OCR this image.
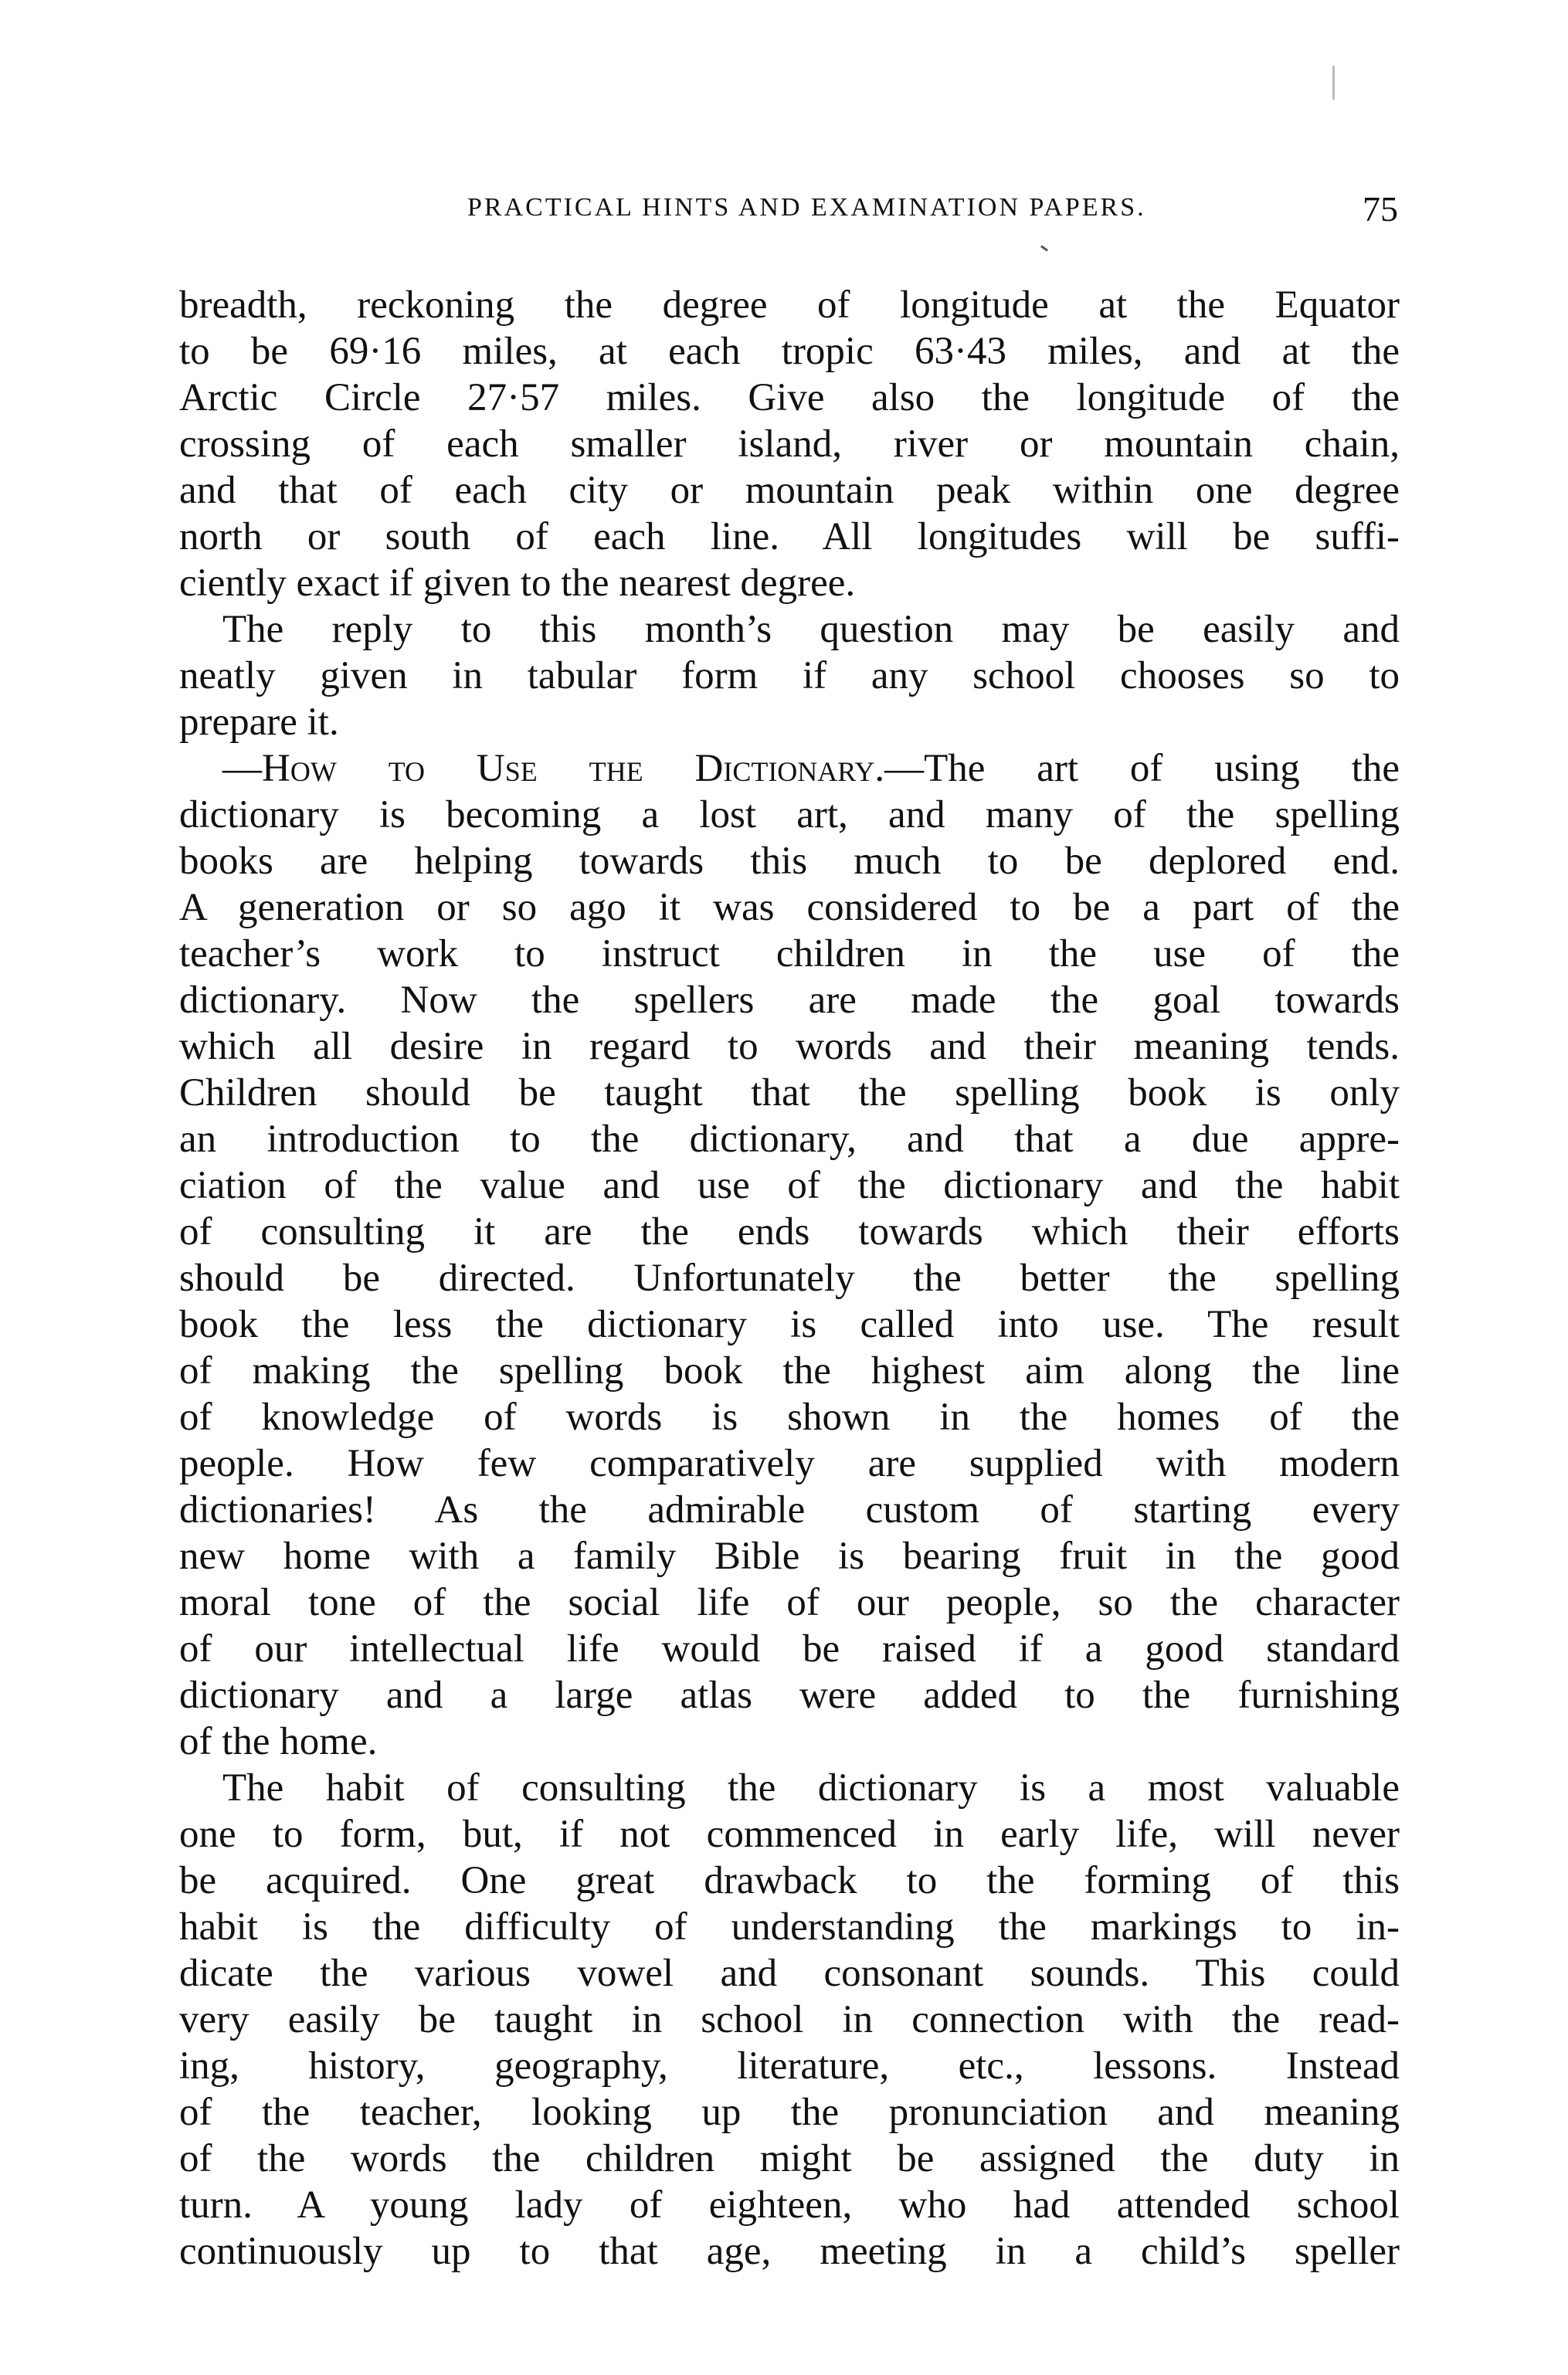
PRACTICAL HINTS AND EXAMINATION PAPERS.	75
breadth, reckoning the degree of longitude at the Equator
to be 69·16 miles, at each tropic 63·43 miles, and at the
Arctic Circle 27·57 miles. Give also the longitude of the
crossing of each smaller island, river or mountain chain,
and that of each city or mountain peak within one degree
north or south of each line. All longitudes will be suffi-
ciently exact if given to the nearest degree.
The reply to this month’s question may be easily and
neatly given in tabular form if any school chooses so to
prepare it.
—How to Use the Dictionary.—The art of using the
dictionary is becoming a lost art, and many of the spelling
books are helping towards this much to be deplored end.
A generation or so ago it was considered to be a part of the
teacher’s work to instruct children in the use of the
dictionary. Now the spellers are made the goal towards
which all desire in regard to words and their meaning tends.
Children should be taught that the spelling book is only
an introduction to the dictionary, and that a due appre-
ciation of the value and use of the dictionary and the habit
of consulting it are the ends towards which their efforts
should be directed. Unfortunately the better the spelling
book the less the dictionary is called into use. The result
of making the spelling book the highest aim along the line
of knowledge of words is shown in the homes of the
people. How few comparatively are supplied with modern
dictionaries! As the admirable custom of starting every
new home with a family Bible is bearing fruit in the good
moral tone of the social life of our people, so the character
of our intellectual life would be raised if a good standard
dictionary and a large atlas were added to the furnishing
of the home.
The habit of consulting the dictionary is a most valuable
one to form, but, if not commenced in early life, will never
be acquired. One great drawback to the forming of this
habit is the difficulty of understanding the markings to in-
dicate the various vowel and consonant sounds. This could
very easily be taught in school in connection with the read-
ing, history, geography, literature, etc., lessons. Instead
of the teacher, looking up the pronunciation and meaning
of the words the children might be assigned the duty in
turn. A young lady of eighteen, who had attended school
continuously up to that age, meeting in a child’s speller
